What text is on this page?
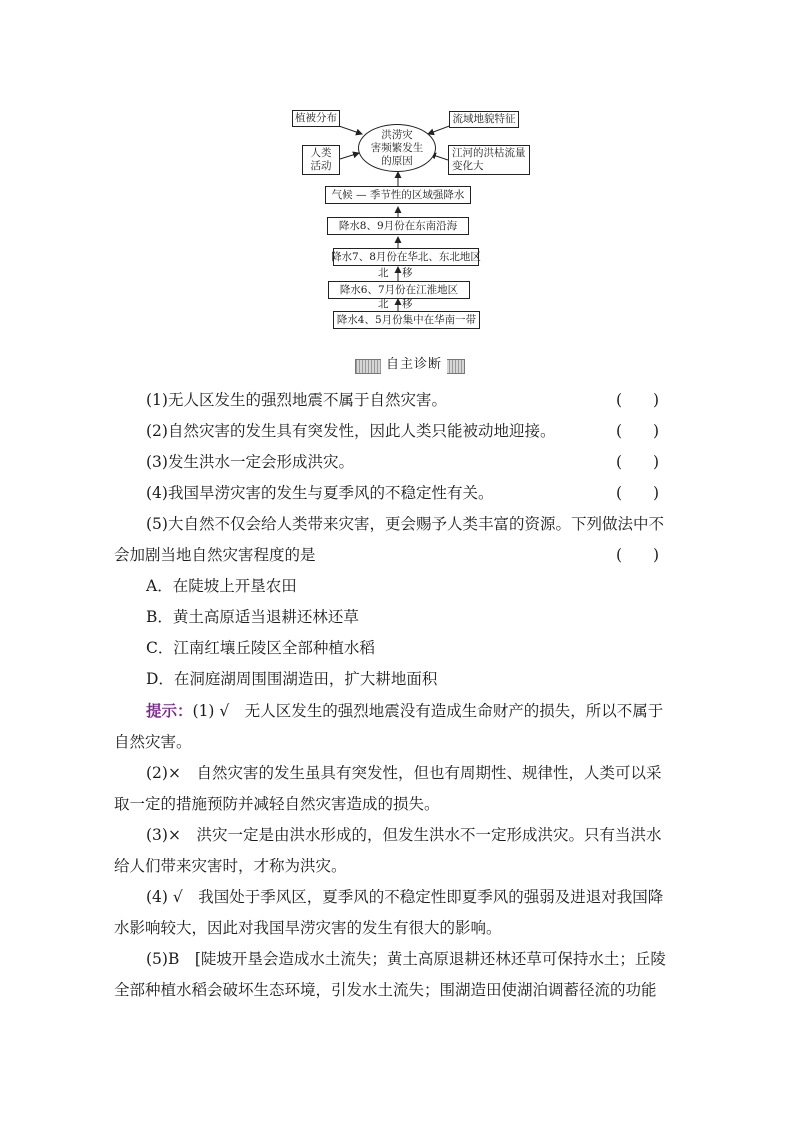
植被分布	流域地貌特征
人类
活动
洪涝灾
害频繁发生
的原因
江河的洪枯流量
变化大
气候 — 季节性的区域强降水
降水8、9月份在东南沿海
降水7、8月份在华北、东北地区
北 移
降水6、7月份在江淮地区
北 移
降水4、5月份集中在华南一带
自主诊断
(1)无人区发生的强烈地震不属于自然灾害。	(　　)
(2)自然灾害的发生具有突发性，因此人类只能被动地迎接。	(　　)
(3)发生洪水一定会形成洪灾。	(　　)
(4)我国旱涝灾害的发生与夏季风的不稳定性有关。	(　　)
(5)大自然不仅会给人类带来灾害，更会赐予人类丰富的资源。下列做法中不
会加剧当地自然灾害程度的是	(　　)
A．在陡坡上开垦农田
B．黄土高原适当退耕还林还草
C．江南红壤丘陵区全部种植水稻
D．在洞庭湖周围围湖造田，扩大耕地面积
提示：(1) √　无人区发生的强烈地震没有造成生命财产的损失，所以不属于
自然灾害。
(2)×　自然灾害的发生虽具有突发性，但也有周期性、规律性，人类可以采
取一定的措施预防并减轻自然灾害造成的损失。
(3)×　洪灾一定是由洪水形成的，但发生洪水不一定形成洪灾。只有当洪水
给人们带来灾害时，才称为洪灾。
(4) √　我国处于季风区，夏季风的不稳定性即夏季风的强弱及进退对我国降
水影响较大，因此对我国旱涝灾害的发生有很大的影响。
(5)B　[陡坡开垦会造成水土流失；黄土高原退耕还林还草可保持水土；丘陵
全部种植水稻会破坏生态环境，引发水土流失；围湖造田使湖泊调蓄径流的功能
